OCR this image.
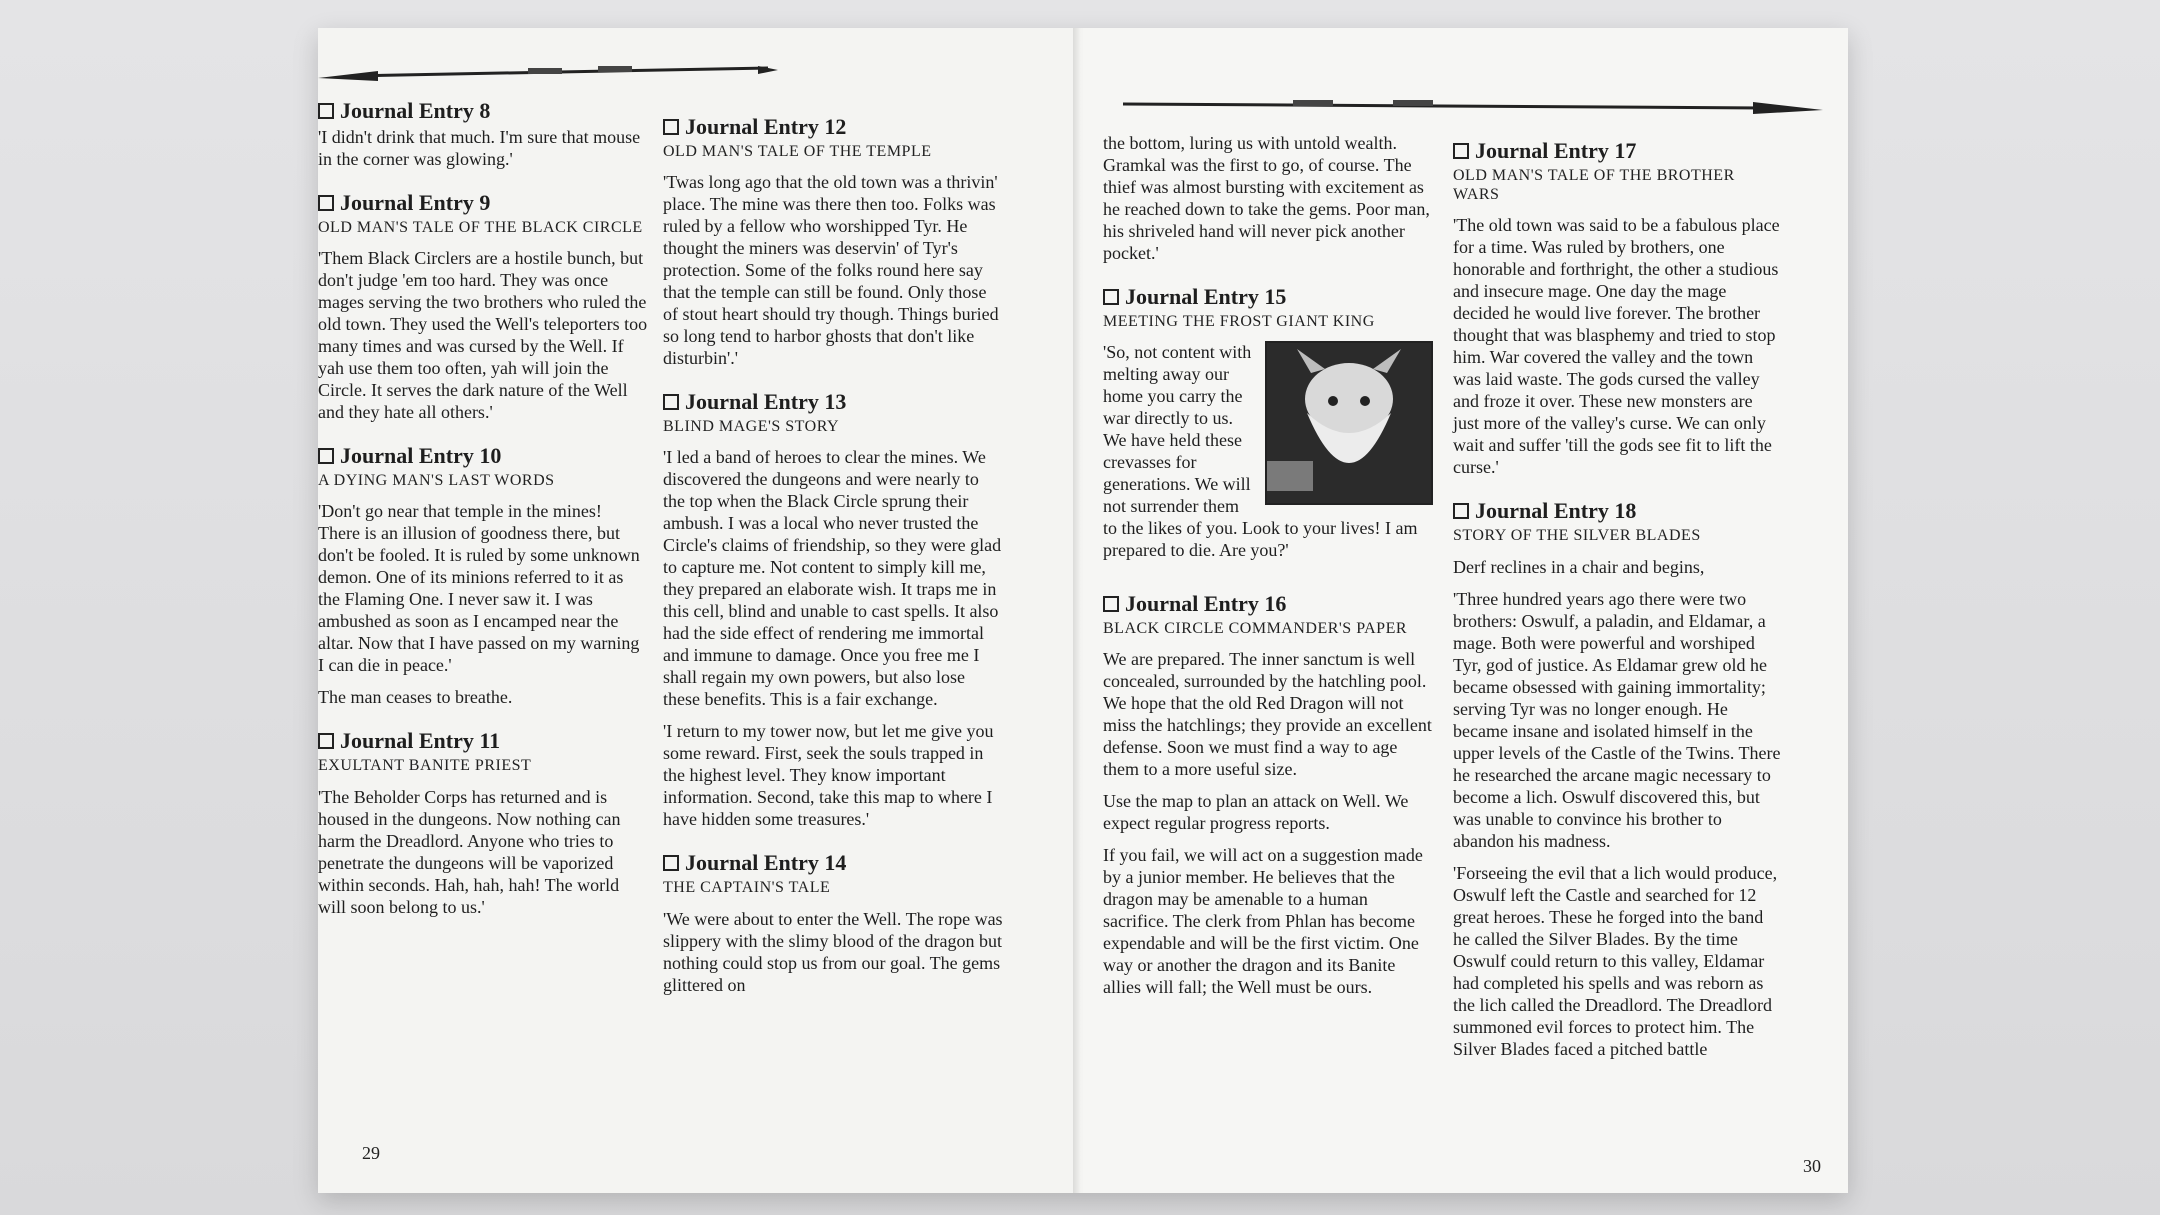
Journal Entry 8

'I didn't drink that much. I'm sure that mouse in the corner was glowing.'

Journal Entry 9
OLD MAN'S TALE OF THE BLACK CIRCLE

'Them Black Circlers are a hostile bunch, but don't judge 'em too hard. They was once mages serving the two brothers who ruled the old town. They used the Well's teleporters too many times and was cursed by the Well. If yah use them too often, yah will join the Circle. It serves the dark nature of the Well and they hate all others.'

Journal Entry 10
A DYING MAN'S LAST WORDS

'Don't go near that temple in the mines! There is an illusion of goodness there, but don't be fooled. It is ruled by some unknown demon. One of its minions referred to it as the Flaming One. I never saw it. I was ambushed as soon as I encamped near the altar. Now that I have passed on my warning I can die in peace.'

The man ceases to breathe.

Journal Entry 11
EXULTANT BANITE PRIEST

'The Beholder Corps has returned and is housed in the dungeons. Now nothing can harm the Dreadlord. Anyone who tries to penetrate the dungeons will be vaporized within seconds. Hah, hah, hah! The world will soon belong to us.'

Journal Entry 12
OLD MAN'S TALE OF THE TEMPLE

'Twas long ago that the old town was a thrivin' place. The mine was there then too. Folks was ruled by a fellow who worshipped Tyr. He thought the miners was deservin' of Tyr's protection. Some of the folks round here say that the temple can still be found. Only those of stout heart should try though. Things buried so long tend to harbor ghosts that don't like disturbin'.'

Journal Entry 13
BLIND MAGE'S STORY

'I led a band of heroes to clear the mines. We discovered the dungeons and were nearly to the top when the Black Circle sprung their ambush. I was a local who never trusted the Circle's claims of friendship, so they were glad to capture me. Not content to simply kill me, they prepared an elaborate wish. It traps me in this cell, blind and unable to cast spells. It also had the side effect of rendering me immortal and immune to damage. Once you free me I shall regain my own powers, but also lose these benefits. This is a fair exchange.

'I return to my tower now, but let me give you some reward. First, seek the souls trapped in the highest level. They know important information. Second, take this map to where I have hidden some treasures.'

Journal Entry 14
THE CAPTAIN'S TALE

'We were about to enter the Well. The rope was slippery with the slimy blood of the dragon but nothing could stop us from our goal. The gems glittered on

29

the bottom, luring us with untold wealth. Gramkal was the first to go, of course. The thief was almost bursting with excitement as he reached down to take the gems. Poor man, his shriveled hand will never pick another pocket.'

Journal Entry 15
MEETING THE FROST GIANT KING

'So, not content with melting away our home you carry the war directly to us. We have held these crevasses for generations. We will not surrender them to the likes of you. Look to your lives! I am prepared to die. Are you?'

Journal Entry 16
BLACK CIRCLE COMMANDER'S PAPER

We are prepared. The inner sanctum is well concealed, surrounded by the hatchling pool. We hope that the old Red Dragon will not miss the hatchlings; they provide an excellent defense. Soon we must find a way to age them to a more useful size.

Use the map to plan an attack on Well. We expect regular progress reports.

If you fail, we will act on a suggestion made by a junior member. He believes that the dragon may be amenable to a human sacrifice. The clerk from Phlan has become expendable and will be the first victim. One way or another the dragon and its Banite allies will fall; the Well must be ours.

Journal Entry 17
OLD MAN'S TALE OF THE BROTHER WARS

'The old town was said to be a fabulous place for a time. Was ruled by brothers, one honorable and forthright, the other a studious and insecure mage. One day the mage decided he would live forever. The brother thought that was blasphemy and tried to stop him. War covered the valley and the town was laid waste. The gods cursed the valley and froze it over. These new monsters are just more of the valley's curse. We can only wait and suffer 'till the gods see fit to lift the curse.'

Journal Entry 18
STORY OF THE SILVER BLADES

Derf reclines in a chair and begins,

'Three hundred years ago there were two brothers: Oswulf, a paladin, and Eldamar, a mage. Both were powerful and worshiped Tyr, god of justice. As Eldamar grew old he became obsessed with gaining immortality; serving Tyr was no longer enough. He became insane and isolated himself in the upper levels of the Castle of the Twins. There he researched the arcane magic necessary to become a lich. Oswulf discovered this, but was unable to convince his brother to abandon his madness.

'Forseeing the evil that a lich would produce, Oswulf left the Castle and searched for 12 great heroes. These he forged into the band he called the Silver Blades. By the time Oswulf could return to this valley, Eldamar had completed his spells and was reborn as the lich called the Dreadlord. The Dreadlord summoned evil forces to protect him. The Silver Blades faced a pitched battle

30
